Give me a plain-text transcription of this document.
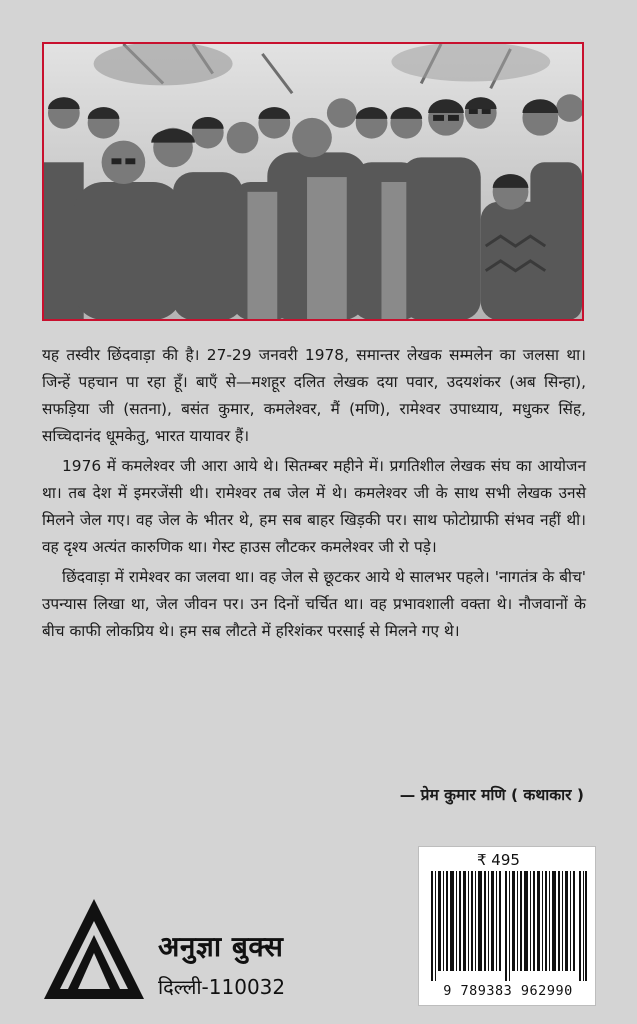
यह तस्वीर छिंदवाड़ा की है। 27-29 जनवरी 1978, समान्तर लेखक सम्मलेन का जलसा था। जिन्हें पहचान पा रहा हूँ। बाएँ से—मशहूर दलित लेखक दया पवार, उदयशंकर (अब सिन्हा), सफड़िया जी (सतना), बसंत कुमार, कमलेश्वर, मैं (मणि), रामेश्वर उपाध्याय, मधुकर सिंह, सच्चिदानंद धूमकेतु, भारत यायावर हैं।

1976 में कमलेश्वर जी आरा आये थे। सितम्बर महीने में। प्रगतिशील लेखक संघ का आयोजन था। तब देश में इमरजेंसी थी। रामेश्वर तब जेल में थे। कमलेश्वर जी के साथ सभी लेखक उनसे मिलने जेल गए। वह जेल के भीतर थे, हम सब बाहर खिड़की पर। साथ फोटोग्राफी संभव नहीं थी। वह दृश्य अत्यंत कारुणिक था। गेस्ट हाउस लौटकर कमलेश्वर जी रो पड़े।

छिंदवाड़ा में रामेश्वर का जलवा था। वह जेल से छूटकर आये थे सालभर पहले। 'नागतंत्र के बीच' उपन्यास लिखा था, जेल जीवन पर। उन दिनों चर्चित था। वह प्रभावशाली वक्ता थे। नौजवानों के बीच काफी लोकप्रिय थे। हम सब लौटते में हरिशंकर परसाई से मिलने गए थे।

— प्रेम कुमार मणि ( कथाकार )
अनुज्ञा बुक्स
दिल्ली-110032
₹ 495
9 789383 962990
